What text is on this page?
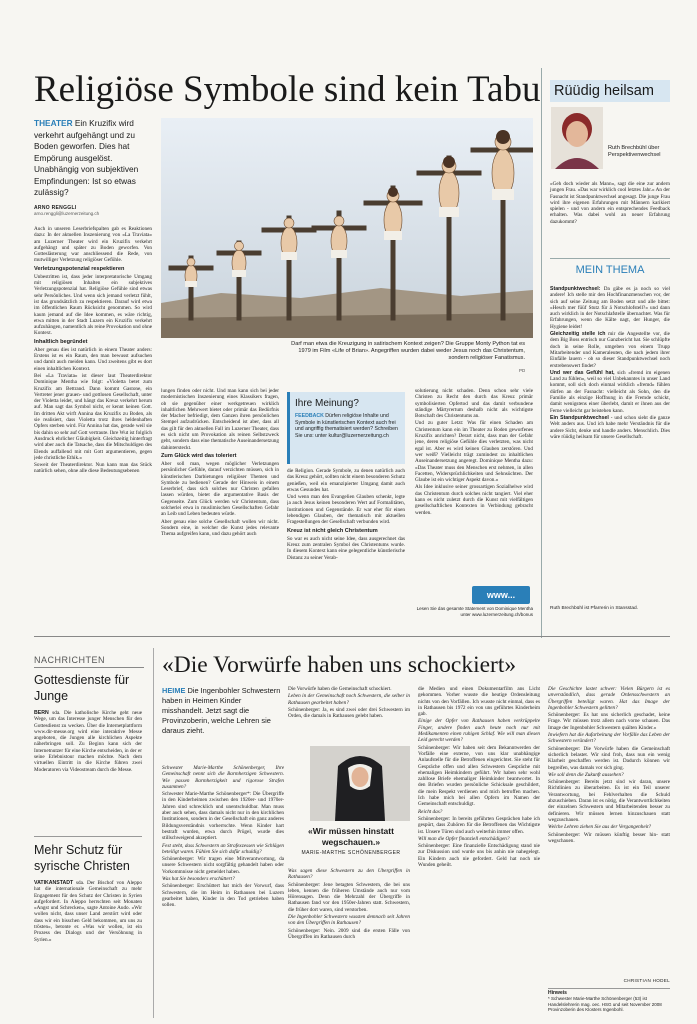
Religiöse Symbole sind kein Tabu
THEATER Ein Kruzifix wird verkehrt aufgehängt und zu Boden geworfen. Dies hat Empörung ausgelöst. Unabhängig von subjektiven Empfindungen: Ist so etwas zulässig?
ARNO RENGGLI
arno.renggli@luzernerzeitung.ch

Auch in unseren Leserbriefspalten gab es Reaktionen dazu: In der aktuellen Inszenierung von «La Traviata» am Luzerner Theater wird ein Kruzifix verkehrt aufgehängt und später zu Boden geworfen. Von Gotteslästerung war anschliessend die Rede, von mutwilliger Verletzung religiöser Gefühle.

Verletzungspotenzial respektieren

Unbestritten ist, dass jeder interpretatorische Umgang mit religiösen Inhalten ein subjektives Verletzungspotenzial hat. Religiöse Gefühle sind etwas sehr Persönliches. Und wenn sich jemand verletzt fühlt, ist das grundsätzlich zu respektieren. Darauf wird etwa im öffentlichen Raum Rücksicht genommen. So wird kaum jemand auf die Idee kommen, es wäre richtig, etwa mitten in der Stadt Luzern ein Kruzifix verkehrt aufzuhängen, namentlich als reine Provokation und ohne Kontext.

Inhaltlich begründet

Aber genau dies ist natürlich in einem Theater anders: Erstens ist es ein Raum, den man bewusst aufsuchen und damit auch meiden kann. Und zweitens gibt es dort einen inhaltlichen Kontext.

Bei «La Traviata» ist dieser laut Theaterdirektor Dominique Mentha wie folgt: «Violetta betet zum Kruzifix am Bettrand. Dann kommt Gastone, ein Vertreter jener grauen- und gottlosen Gesellschaft, unter der Violetta leidet, und hängt das Kreuz verkehrt herum auf. Man sagt das Symbol nicht, er kennt keinen Gott. Im dritten Akt wirft Annina das Kruzifix zu Boden, als sie realisiert, dass Violetta trotz ihres heldenhaften Opfers sterben wird. Für Annina hat das, gerade weil sie bis dahin so sehr auf Gott vertraute. Ihre Wut ist folglich Ausdruck ehrlicher Gläubigkeit. Gleichzeitig hinterfragt wird aber auch die Tatsache, dass die Mitschuldigen des Elends auffallend mit mit Gott argumentieren, gegen jede christliche Ethik.»

Soweit der Theaterdirektor. Nun kann man das Stück natürlich sehen, ohne alle diese Bedeutungsebenen

Darf man etwa die Kreuzigung in satirischem Kontext zeigen? Die Gruppe Monty Python tat es 1979 im Film «Life of Brian». Angegriffen wurden dabei weder Jesus noch das Christentum, sondern religiöser Fanatismus.
PD

lungen finden oder nicht. Und man kann sich bei jeder modernistischen Inszenierung eines Klassikers fragen, ob sie gegenüber einer werkgetreuen wirklich inhaltlichen Mehrwert bietet oder primär das Bedürfnis der Macher befriedigt, dem Ganzen ihren persönlichen Stempel aufzudrücken. Entscheidend ist aber, dass all das gilt für den aktuellen Fall im Luzerner Theater, dass es sich nicht um Provokation als reinen Selbstzweck geht, sondern dass eine thematische Auseinandersetzung dahintersteckt.

Zum Glück wird das toleriert

Aber soll man, wegen möglicher Verletzungen persönlicher Gefühle, darauf verzichten müssen, sich in künstlerischen Darbietungen religiöser Themen und Symbole zu bedienen? Gerade der Hinweis in einem Leserbrief, dass sich solches nur Christen gefallen lassen würden, bietet die argumentative Basis der Gegenseite. Zum Glück werden wir Christentum, dass solcherlei etwa in muslimischen Gesellschaften Gefahr an Leib und Leben bedeuten würde.

Aber genau eine solche Gesellschaft wollen wir nicht. Sondern eine, in welcher die Kunst jedes relevante Thema aufgreifen kann, und dazu gehört auch

Ihre Meinung?
FEEDBACK Dürfen religiöse Inhalte und Symbole in künstlerischen Kontext auch frei und angriffig thematisiert werden? Schreiben Sie uns: unter kultur@luzernerzeitung.ch

die Religion. Gerade Symbole, zu denen natürlich auch das Kreuz gehört, sollten nicht einem besonderen Schutz genießen, weil ein emanzipierter Umgang damit auch etwas Gesundes hat.

Und wenn man den Evangelien Glauben schenkt, legte ja auch Jesus keinen besonderen Wert auf Formalitäten, Institutionen und Gegenstände. Er war eher für einen lebendigen Glauben, der thematisch mit aktuellen Fragestellungen der Gesellschaft verbunden wird.

Kreuz ist nicht gleich Christentum

So war es auch nicht seine Idee, dass ausgerechnet das Kreuz zum zentralen Symbol des Christentums wurde. In diesem Kontext kann eine gelegentliche künstlerische Distanz zu seiner Verab-

solutierung nicht schaden. Denn schon sehr viele Christen zu Recht den durch das Kreuz primär symbolisierten Opfertod und das damit verbundene ständige Märtyrertum deshalb nicht als wichtigste Botschaft des Christentums an.

Und zu guter Letzt: Was für einen Schaden am Christentum kann ein im Theater zu Boden geworfenes Kruzifix anrichten? Derart nicht, dass man der Gefahr jene, deren religiöse Gefühle dies verletzten, was nicht egal ist. Aber es wird keinen Glauben zerstören. Und wer weiß? Vielleicht trägt zumindest zu inhaltlichen Auseinandersetzung angeregt. Dominique Mentha dazu: «Das Theater muss den Menschen erst nehmen, in allen Facetten, Widersprüchlichkeiten und Sehnsüchten. Der Glaube ist ein wichtiger Aspekt davon.»

Als Idee inklusive seiner grossartigen Sozialhelwe wird das Christentum durch solches nicht tangiert. Viel eher kann es nicht zuletzt durch die Kunst mit vielfältigen gesellschaftlichen Kontexten in Verbindung gebracht werden.

www...
Lesen Sie das gesamte Statement von Dominique Mentha unter www.luzernerzeitung.ch/bonus
Rüüdig heilsam
Ruth Brechbühl über Perspektivenwechsel

«Geh doch wieder als Mann», sagt die eine zur andern jungen Frau. «Das war wirklich cool letztes Jahr.» An der Fasnacht ist Standpunktwechsel angesagt. Die junge Frau wird ihre eigenen Erfahrungen mit Männern karikiert spielen - und von andern ein entsprechendes Feedback erhalten. Was dabei wohl an neuer Erfahrung dazukommt?

MEIN THEMA

Standpunktwechsel: Da gäbe es ja noch so viel andere! Ich stelle mir den Hochfinanzmenschen vor, der sich auf seine Zeitung am Boden setzt und alle bittet: «Hesch mer füüf Stutz für ä Notschlofstell?» und dann auch wirklich in der Notschlafstelle übernachtet. Was für Erfahrungen, wenn die Kälte nagt, der Hunger, die Hygiene leidet!

Gleichzeitig stelle ich mir die Angestellte vor, die dem Big Boss entrisch nur Ganzbericht hat. Sie schlüpfte doch in seine Rolle, umgeben von einem Trupp Mitarbeitender und Kameraleuten, die nach jedem ihrer Einfälle lauern - ob so dieser Standpunktwechsel noch erstrebenswert findet?

Und wer das Gefühl hat, sich «fremd im eigenen Land zu fühlen», weil so viel Unbekanntes in unser Land kommt, soll sich doch einmal wirklich «fremd» fühlen dürfen an der Fasnacht: vielleicht als Sohn, den die Familie als einzige Hoffnung in die Fremde schickt, damit wenigstens einer überlebt, damit er ihnen aus der Ferne vielleicht gar beistehen kann.

Ein Standpunktwechsel - und schon sieht die ganze Welt anders aus. Und ich habe mehr Verständnis für die andere Sicht, denke und handle anders. Menschlich. Dies wäre rüüdig heilsam für unsere Gesellschaft.

Ruth Brechbühl ist Pfarrerin in Stansstad.
NACHRICHTEN
Gottesdienste für Junge

BERN sda. Die katholische Kirche geht neue Wege, um das Interesse junger Menschen für den Gottesdienst zu wecken. Über die Internetplattform www.dir-messe.org wird eine interaktive Messe angeboten, die Jungen alle kirchlichen Aspekte näherbringen soll. Zu Beginn kann sich der Internetnutzer für eine Kirche entscheiden, in der er seine Erlebnistour machen möchte. Nach dem virtuellen Eintritt in die Kirche führen zwei Moderatoren via Videostream durch die Messe.

Mehr Schutz für syrische Christen

VATIKANSTADT sda. Der Bischof von Aleppo hat die internationale Gemeinschaft zu mehr Engagement für den Schutz der Christen in Syrien aufgefordert. In Aleppo herrschten seit Monaten «Angst und Schrecken», sagte Antoine Audo. «Wir wollen nicht, dass unser Land zerstört wird oder dass wir ein bisschen Geld bekommen, um uns zu trösten», betonte er. «Was wir wollen, ist ein Prozess des Dialogs und der Versöhnung in Syrien.»

«Die Vorwürfe haben uns schockiert»
HEIME Die Ingenbohler Schwestern haben in Heimen Kinder misshandelt. Jetzt sagt die Provinzoberin, welche Lehren sie daraus zieht.

Schwester Marie-Marthe Schönenberger, Ihre Gemeinschaft nennt sich die Barmherzigen Schwestern. Wie passen Barmherzigkeit und rigorose Strafen zusammen?

Schwester Marie-Marthe Schönenberger*: Die Übergriffe in den Kinderheimen zwischen den 1920er- und 1970er-Jahren sind schrecklich und unentschuldbar. Man muss aber auch sehen, dass damals nicht nur in den kirchlichen Institutionen, sondern in der Gesellschaft ein ganz anderes Bildungsverständnis vorherrschte. Wenn Kinder hart bestraft wurden, etwa durch Prügel, wurde dies stillschweigend akzeptiert.

Fest steht, dass Schwestern an Strafexzessen wie Schlägen beteiligt waren. Fühlen Sie sich dafür schuldig?

Schönenberger: Wir tragen eine Mitverantwortung, da unsere Schwestern nicht sorgfältig gehandelt haben oder Vorkommnisse nicht gemeldet haben.

Was hat Sie besonders erschüttert?

Schönenberger: Erschüttert hat mich der Vorwurf, dass Schwestern, die im Heim in Rathausen bei Luzern gearbeitet haben, Kinder in den Tod getrieben haben sollen.

Die Vorwürfe haben die Gemeinschaft schockiert.

Leben in der Gemeinschaft noch Schwestern, die selber in Rathausen gearbeitet haben?

Schönenberger: Ja, es sind zwei oder drei Schwestern im Orden, die damals in Rathausen gelebt haben.

«Wir müssen hinstatt wegschauen.»
MARIE-MARTHE SCHÖNENBERGER

Was sagen diese Schwestern zu den Übergriffen in Rathausen?

Schönenberger: Jene betagten Schwestern, die bei uns leben, kennen die früheren Umstände auch nur vom Hörensagen. Denn die Mehrzahl der Übergriffe in Rathausen fand vor den 1950er-Jahren statt. Schwestern, die früher dort waren, sind verstorben.

Die Ingenbohler Schwestern wussten demnach seit Jahren von den Übergriffen in Rathausen?

Schönenberger: Nein. 2009 sind die ersten Fälle von Übergriffen im Rathausen durch

die Medien und einen Dokumentarfilm ans Licht gekommen. Vorher wusste die heutige Ordensleitung nichts von den Vorfällen. Ich wusste nicht einmal, dass es in Rathausen bis 1972 ein von uns geführtes Kinderheim gab.

Einige der Opfer von Rathausen haben verkrüppelte Finger, andere finden auch heute noch nur mit Medikamenten einen ruhigen Schlaf. Wie will man diesen Leid gerecht werden?

Schönenberger: Wir haben seit dem Bekanntwerden der Vorfälle eine externe, von uns klar unabhängige Anlaufstelle für die Betroffenen eingerichtet. Sie steht für Gespräche offen und allen Schwestern Gespräche mit ehemaligen Heimkindern geführt. Wir haben sehr wohl zahllose Briefe ehemaliger Heimkinder beantwortet. In den Briefen wurden persönliche Schicksale geschildert, die mein Respekt verdienen und mich betroffen machen. Ich habe mich bei allen Opfern im Namen der Gemeinschaft entschuldigt.

Reicht das?

Schönenberger: In bereits geführten Gesprächen habe ich gespürt, dass Zuhören für die Betroffenen das Wichtigste ist. Unsere Türen sind auch weiterhin immer offen.

Will man die Opfer finanziell entschädigen?

Schönenberger: Eine finanzielle Entschädigung stand nie zur Diskussion und wurde uns bis anhin nie nahegelegt. Ein Kindern auch nie gefordert. Geld hat noch nie Wunden geheilt.

Die Geschichte lastet schwer: Vielen Bürgern ist es unverständlich, dass gerade Ordensschwestern an Übergriffen beteiligt waren. Hat das Image der Ingenbohler Schwestern gelitten?

Schönenberger: Es hat uns sicherlich geschadet, keine Frage. Wir müssen trotz allem nach vorne schauen. Das Image der Ingenbohler Schwestern quälten Kinder.»

Inwiefern hat die Aufarbeitung der Vorfälle das Leben der Schwestern verändert?

Schönenberger: Die Vorwürfe haben die Gemeinschaft sicherlich belastet. Wir sind froh, dass nun ein wenig Klarheit geschaffen werden ist. Dadurch können wir begreifen, was damals vor sich ging.

Wie soll denn die Zukunft aussehen?

Schönenberger: Bereits jetzt sind wir daran, unsere Richtlinien zu überarbeiten. Es ist ein Teil unserer Verantwortung, bei Fehlverhalten die Schuld abzuschieben. Daran ist es nötig, die Verantwortlichkeiten der einzelnen Schwestern und Mitarbeitenden besser zu definieren. Wir müssen lernen hinzuschauen statt wegzuschauen.

Welche Lehren ziehen Sie aus der Vergangenheit?

Schönenberger: Wir müssen künftig besser hin- statt wegschauen.

CHRISTIAN HODEL
Hinweis
* Schwester Marie-Marthe Schönenberger (53) ist Handelslehrerin mag. oec. HSG und seit November 2008 Provinzoberin des Klosters Ingenbohl.
